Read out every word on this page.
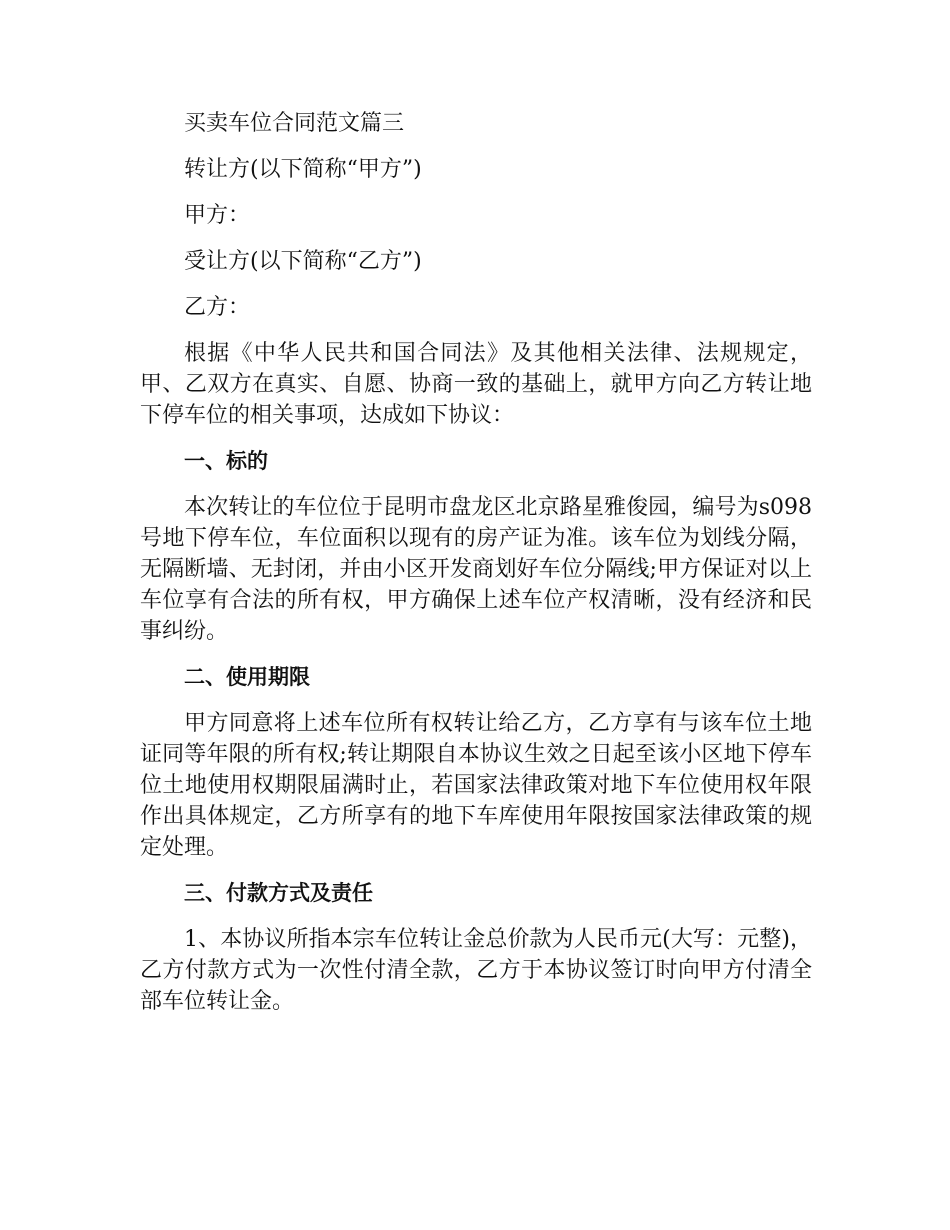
买卖车位合同范文篇三

转让方(以下简称“甲方”)

甲方：

受让方(以下简称“乙方”)

乙方：

根据《中华人民共和国合同法》及其他相关法律、法规规定，甲、乙双方在真实、自愿、协商一致的基础上，就甲方向乙方转让地下停车位的相关事项，达成如下协议：

一、标的

本次转让的车位位于昆明市盘龙区北京路星雅俊园，编号为s098号地下停车位，车位面积以现有的房产证为准。该车位为划线分隔，无隔断墙、无封闭，并由小区开发商划好车位分隔线;甲方保证对以上车位享有合法的所有权，甲方确保上述车位产权清晰，没有经济和民事纠纷。

二、使用期限

甲方同意将上述车位所有权转让给乙方，乙方享有与该车位土地证同等年限的所有权;转让期限自本协议生效之日起至该小区地下停车位土地使用权期限届满时止，若国家法律政策对地下车位使用权年限作出具体规定，乙方所享有的地下车库使用年限按国家法律政策的规定处理。

三、付款方式及责任

1、本协议所指本宗车位转让金总价款为人民币元(大写：元整)，乙方付款方式为一次性付清全款，乙方于本协议签订时向甲方付清全部车位转让金。
